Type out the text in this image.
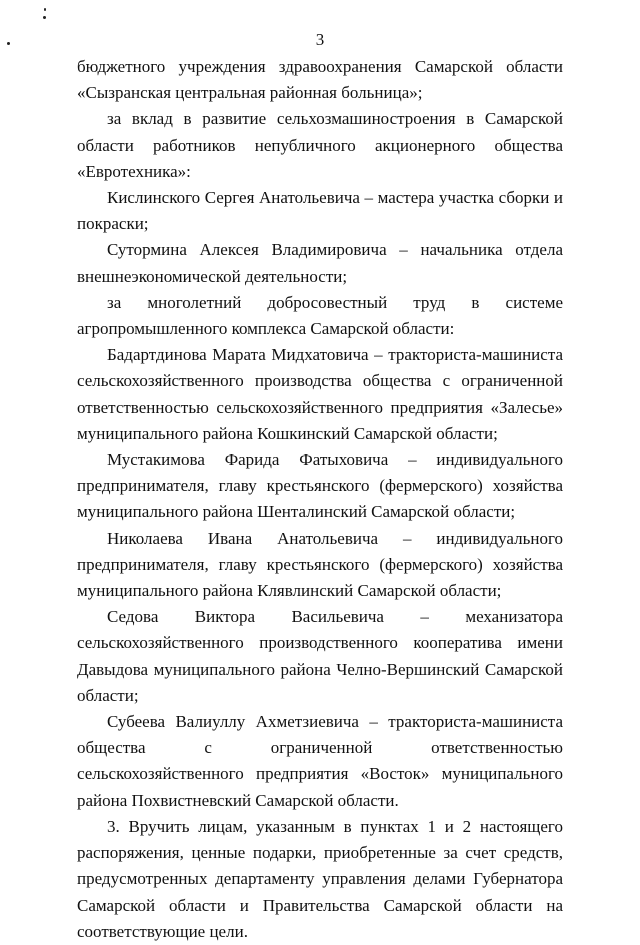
3

бюджетного учреждения здравоохранения Самарской области «Сызранская центральная районная больница»;

за вклад в развитие сельхозмашиностроения в Самарской области работников непубличного акционерного общества «Евротехника»:

Кислинского Сергея Анатольевича – мастера участка сборки и покраски;

Сутормина Алексея Владимировича – начальника отдела внешнеэкономической деятельности;

за многолетний добросовестный труд в системе агропромышленного комплекса Самарской области:

Бадартдинова Марата Мидхатовича – тракториста-машиниста сельскохозяйственного производства общества с ограниченной ответственностью сельскохозяйственного предприятия «Залесье» муниципального района Кошкинский Самарской области;

Мустакимова Фарида Фатыховича – индивидуального предпринимателя, главу крестьянского (фермерского) хозяйства муниципального района Шенталинский Самарской области;

Николаева Ивана Анатольевича – индивидуального предпринимателя, главу крестьянского (фермерского) хозяйства муниципального района Клявлинский Самарской области;

Седова Виктора Васильевича – механизатора сельскохозяйственного производственного кооператива имени Давыдова муниципального района Челно-Вершинский Самарской области;

Субеева Валиуллу Ахметзиевича – тракториста-машиниста общества с ограниченной ответственностью сельскохозяйственного предприятия «Восток» муниципального района Похвистневский Самарской области.

3. Вручить лицам, указанным в пунктах 1 и 2 настоящего распоряжения, ценные подарки, приобретенные за счет средств, предусмотренных департаменту управления делами Губернатора Самарской области и Правительства Самарской области на соответствующие цели.
